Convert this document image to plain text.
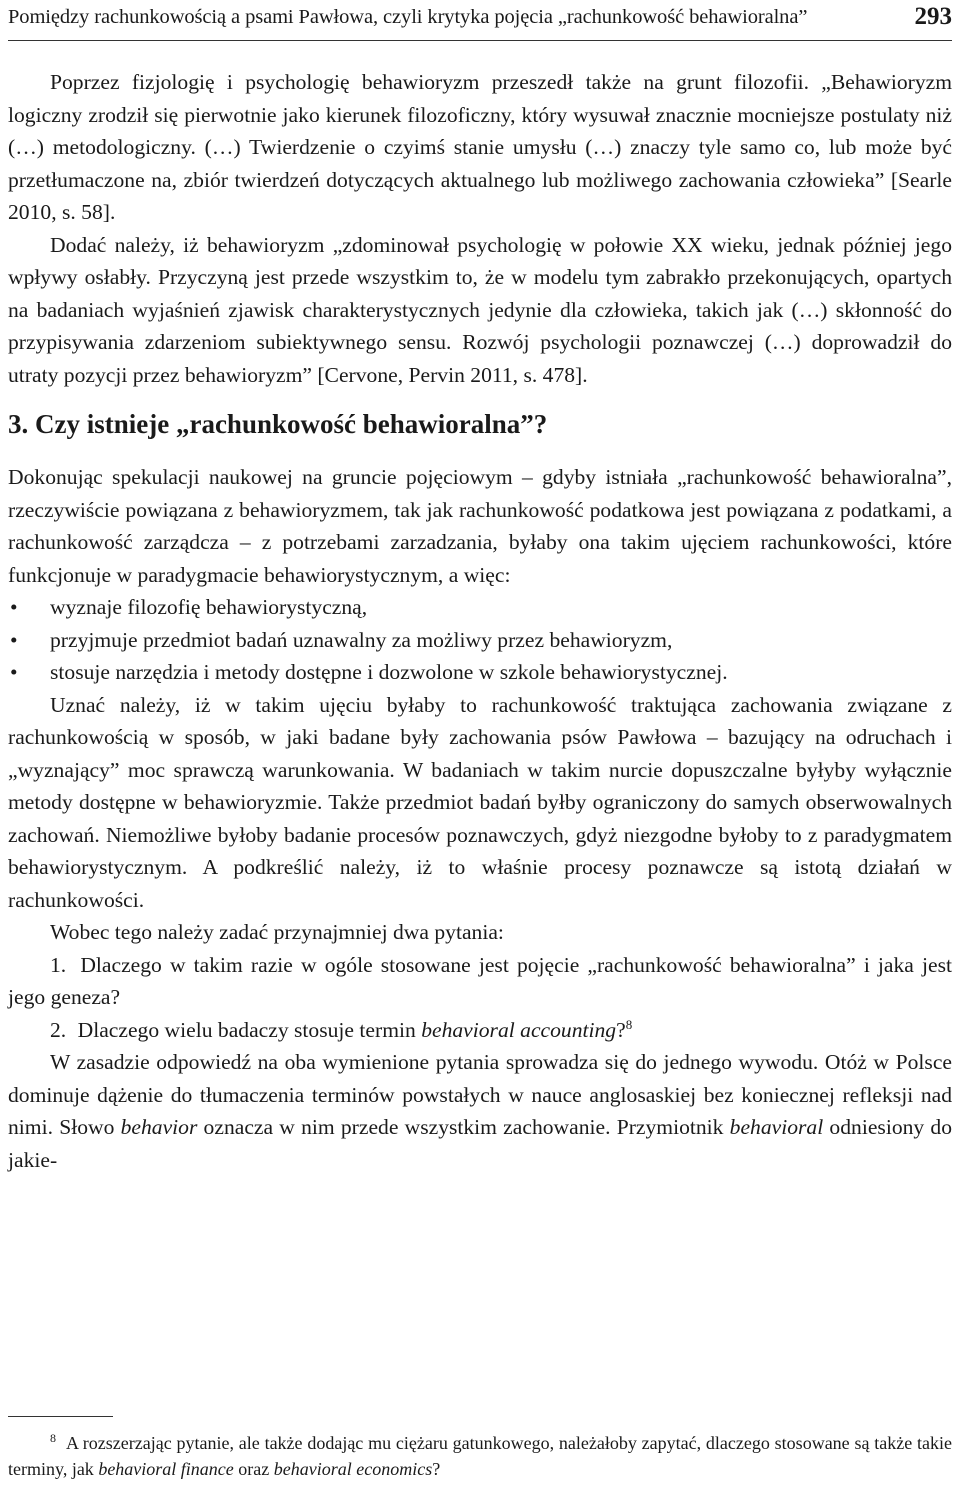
Pomiędzy rachunkowością a psami Pawłowa, czyli krytyka pojęcia „rachunkowość behawioralna”	293

Poprzez fizjologię i psychologię behawioryzm przeszedł także na grunt filozofii. „Behawioryzm logiczny zrodził się pierwotnie jako kierunek filozoficzny, który wysuwał znacznie mocniejsze postulaty niż (…) metodologiczny. (…) Twierdzenie o czyimś stanie umysłu (…) znaczy tyle samo co, lub może być przetłumaczone na, zbiór twierdzeń dotyczących aktualnego lub możliwego zachowania człowieka” [Searle 2010, s. 58].

Dodać należy, iż behawioryzm „zdominował psychologię w połowie XX wieku, jednak później jego wpływy osłabły. Przyczyną jest przede wszystkim to, że w modelu tym zabrakło przekonujących, opartych na badaniach wyjaśnień zjawisk charakterystycznych jedynie dla człowieka, takich jak (…) skłonność do przypisywania zdarzeniom subiektywnego sensu. Rozwój psychologii poznawczej (…) doprowadził do utraty pozycji przez behawioryzm” [Cervone, Pervin 2011, s. 478].

3. Czy istnieje „rachunkowość behawioralna”?

Dokonując spekulacji naukowej na gruncie pojęciowym – gdyby istniała „rachunkowość behawioralna”, rzeczywiście powiązana z behawioryzmem, tak jak rachunkowość podatkowa jest powiązana z podatkami, a rachunkowość zarządcza – z potrzebami zarzadzania, byłaby ona takim ujęciem rachunkowości, które funkcjonuje w paradygmacie behawiorystycznym, a więc:

• wyznaje filozofię behawiorystyczną,
• przyjmuje przedmiot badań uznawalny za możliwy przez behawioryzm,
• stosuje narzędzia i metody dostępne i dozwolone w szkole behawiorystycznej.

Uznać należy, iż w takim ujęciu byłaby to rachunkowość traktująca zachowania związane z rachunkowością w sposób, w jaki badane były zachowania psów Pawłowa – bazujący na odruchach i „wyznający” moc sprawczą warunkowania. W badaniach w takim nurcie dopuszczalne byłyby wyłącznie metody dostępne w behawioryzmie. Także przedmiot badań byłby ograniczony do samych obserwowalnych zachowań. Niemożliwe byłoby badanie procesów poznawczych, gdyż niezgodne byłoby to z paradygmatem behawiorystycznym. A podkreślić należy, iż to właśnie procesy poznawcze są istotą działań w rachunkowości.

Wobec tego należy zadać przynajmniej dwa pytania:

1. Dlaczego w takim razie w ogóle stosowane jest pojęcie „rachunkowość behawioralna” i jaka jest jego geneza?

2. Dlaczego wielu badaczy stosuje termin behavioral accounting?$^8$

W zasadzie odpowiedź na oba wymienione pytania sprowadza się do jednego wywodu. Otóż w Polsce dominuje dążenie do tłumaczenia terminów powstałych w nauce anglosaskiej bez koniecznej refleksji nad nimi. Słowo behavior oznacza w nim przede wszystkim zachowanie. Przymiotnik behavioral odniesiony do jakie-

$^8$ A rozszerzając pytanie, ale także dodając mu ciężaru gatunkowego, należałoby zapytać, dlaczego stosowane są także takie terminy, jak behavioral finance oraz behavioral economics?
